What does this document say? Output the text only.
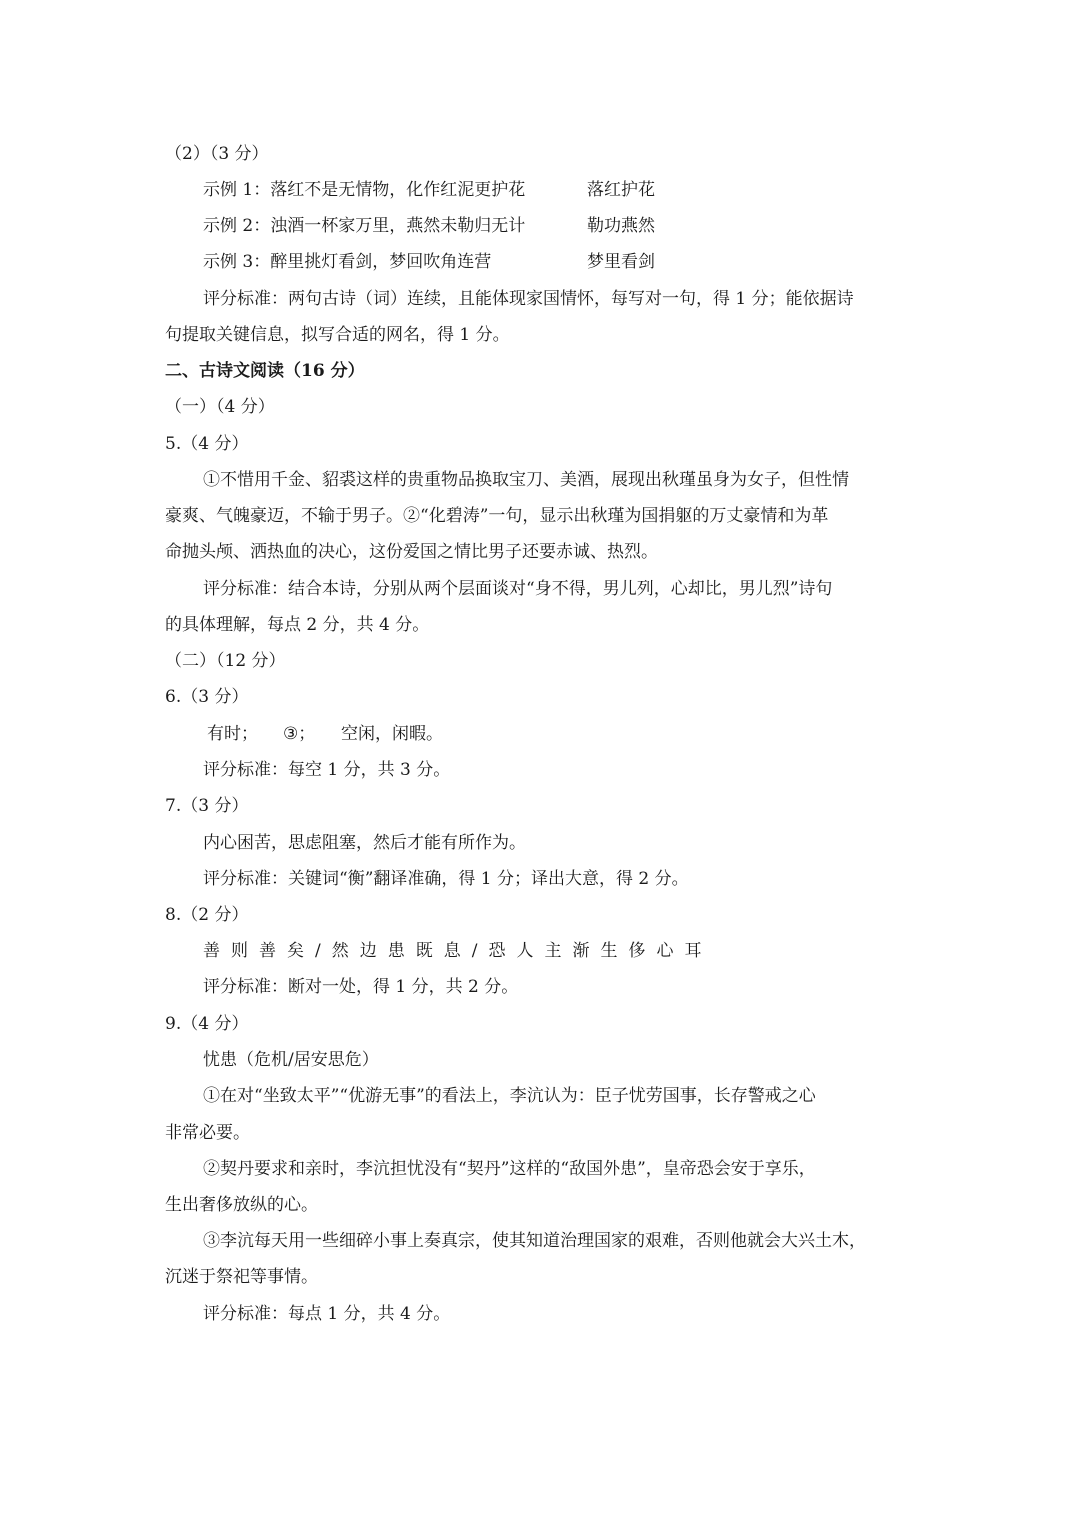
（2）（3 分）
示例 1：落红不是无情物，化作红泥更护花	落红护花
示例 2：浊酒一杯家万里，燕然未勒归无计	勒功燕然
示例 3：醉里挑灯看剑，梦回吹角连营	梦里看剑
评分标准：两句古诗（词）连续，且能体现家国情怀，每写对一句，得 1 分；能依据诗
句提取关键信息，拟写合适的网名，得 1 分。
二、古诗文阅读（16 分）
（一）（4 分）
5.（4 分）
①不惜用千金、貂裘这样的贵重物品换取宝刀、美酒，展现出秋瑾虽身为女子，但性情
豪爽、气魄豪迈，不输于男子。②“化碧涛”一句，显示出秋瑾为国捐躯的万丈豪情和为革
命抛头颅、洒热血的决心，这份爱国之情比男子还要赤诚、热烈。
评分标准：结合本诗，分别从两个层面谈对“身不得，男儿列，心却比，男儿烈”诗句
的具体理解，每点 2 分，共 4 分。
（二）（12 分）
6.（3 分）
有时； ③； 空闲，闲暇。
评分标准：每空 1 分，共 3 分。
7.（3 分）
内心困苦，思虑阻塞，然后才能有所作为。
评分标准：关键词“衡”翻译准确，得 1 分；译出大意，得 2 分。
8.（2 分）
善则善矣/然边患既息/恐人主渐生侈心耳
评分标准：断对一处，得 1 分，共 2 分。
9.（4 分）
忧患（危机/居安思危）
①在对“坐致太平”“优游无事”的看法上，李沆认为：臣子忧劳国事，长存警戒之心
非常必要。
②契丹要求和亲时，李沆担忧没有“契丹”这样的“敌国外患”，皇帝恐会安于享乐，
生出奢侈放纵的心。
③李沆每天用一些细碎小事上奏真宗，使其知道治理国家的艰难，否则他就会大兴土木，
沉迷于祭祀等事情。
评分标准：每点 1 分，共 4 分。
